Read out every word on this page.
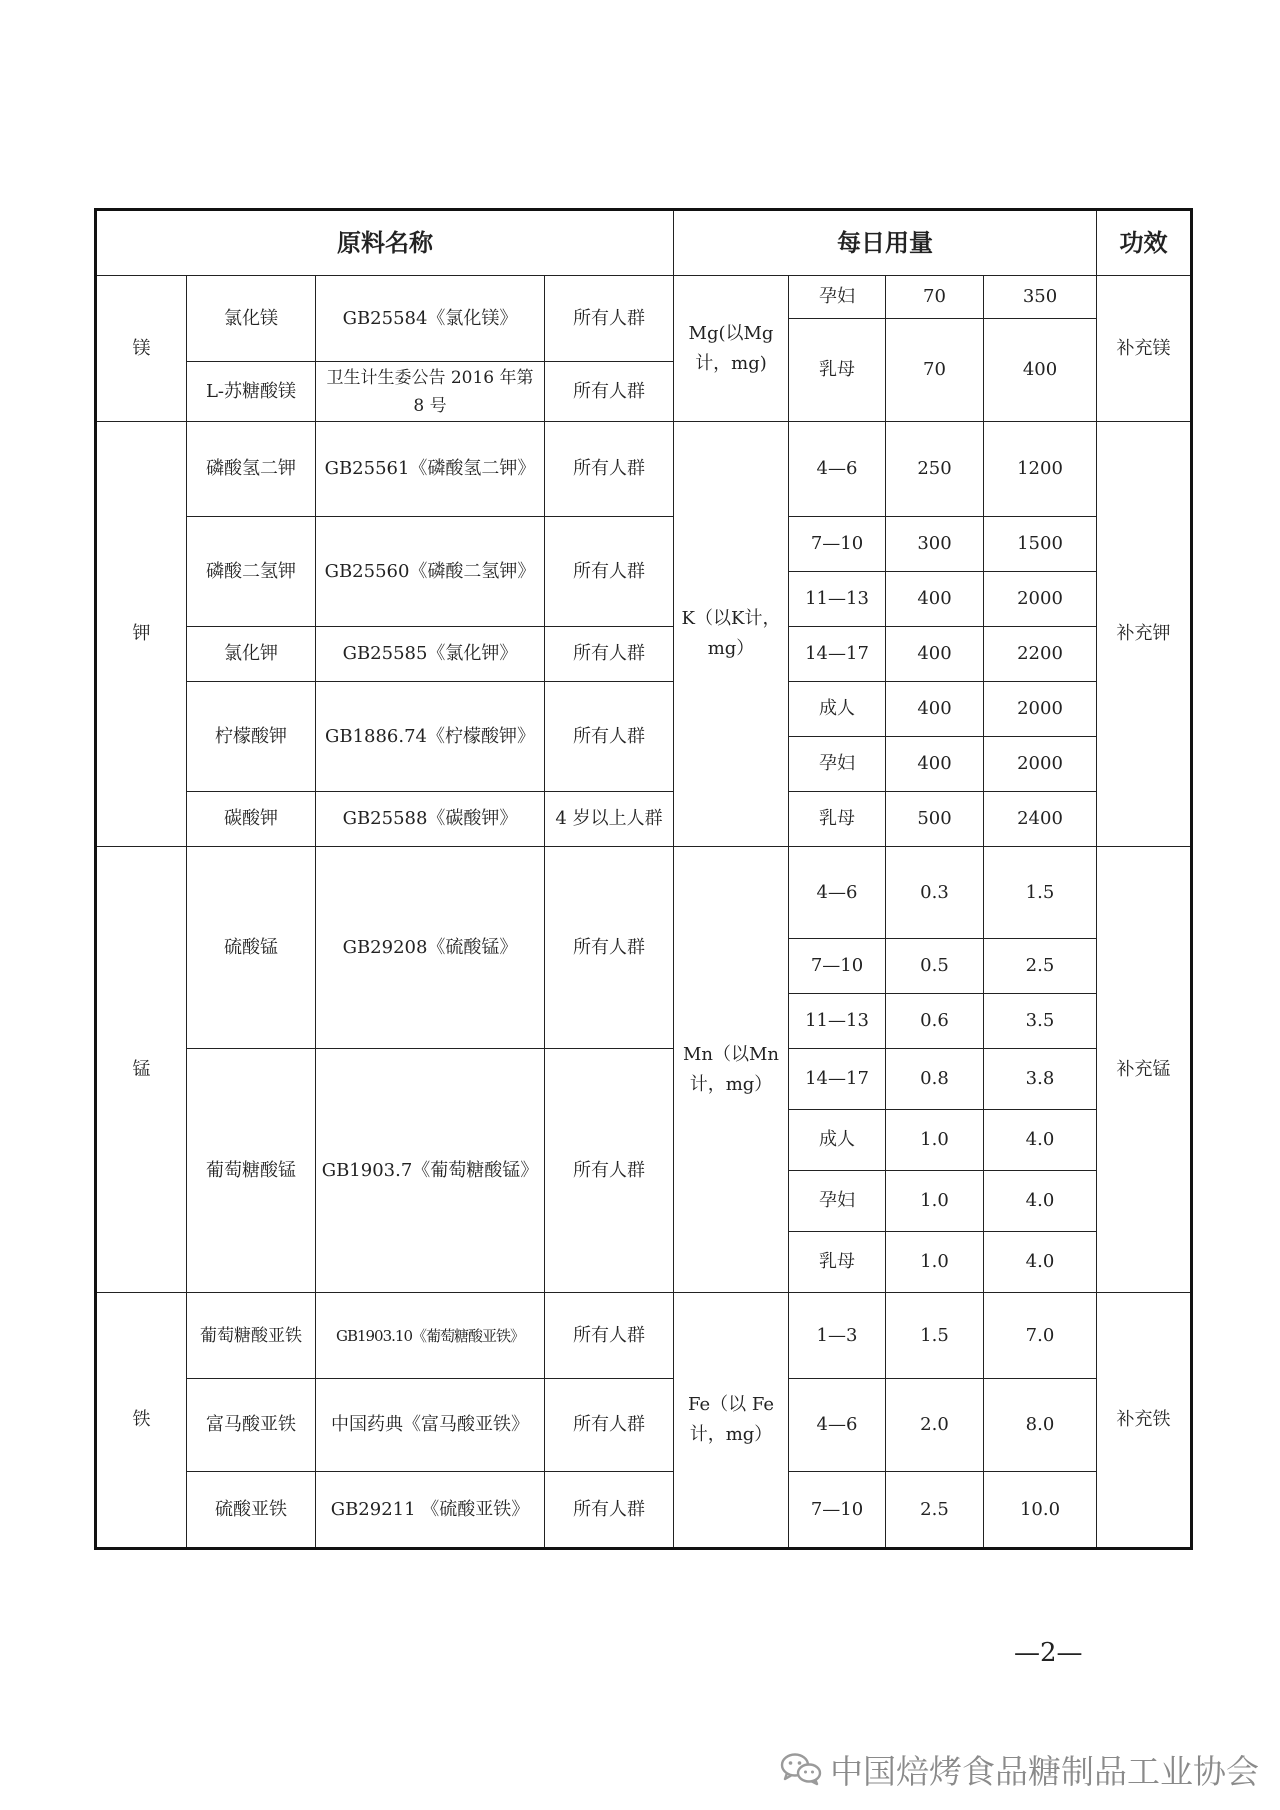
原料名称				每日用量				功效
镁	氯化镁	GB25584《氯化镁》	所有人群	Mg(以Mg计，mg)	孕妇	70	350	补充镁
					乳母	70	400	
	L-苏糖酸镁	卫生计生委公告 2016 年第 8 号	所有人群					
钾	磷酸氢二钾	GB25561《磷酸氢二钾》	所有人群	K（以K计，mg）	4—6	250	1200	补充钾
	磷酸二氢钾	GB25560《磷酸二氢钾》	所有人群		7—10	300	1500	
					11—13	400	2000	
	氯化钾	GB25585《氯化钾》	所有人群		14—17	400	2200	
	柠檬酸钾	GB1886.74《柠檬酸钾》	所有人群		成人	400	2000	
					孕妇	400	2000	
	碳酸钾	GB25588《碳酸钾》	4 岁以上人群		乳母	500	2400	
锰	硫酸锰	GB29208《硫酸锰》	所有人群	Mn（以Mn计，mg）	4—6	0.3	1.5	补充锰
					7—10	0.5	2.5	
					11—13	0.6	3.5	
	葡萄糖酸锰	GB1903.7《葡萄糖酸锰》	所有人群		14—17	0.8	3.8	
					成人	1.0	4.0	
					孕妇	1.0	4.0	
					乳母	1.0	4.0	
铁	葡萄糖酸亚铁	GB1903.10《葡萄糖酸亚铁》	所有人群	Fe（以 Fe 计，mg）	1—3	1.5	7.0	补充铁
	富马酸亚铁	中国药典《富马酸亚铁》	所有人群		4—6	2.0	8.0	
	硫酸亚铁	GB29211 《硫酸亚铁》	所有人群		7—10	2.5	10.0	
—2—
中国焙烤食品糖制品工业协会
